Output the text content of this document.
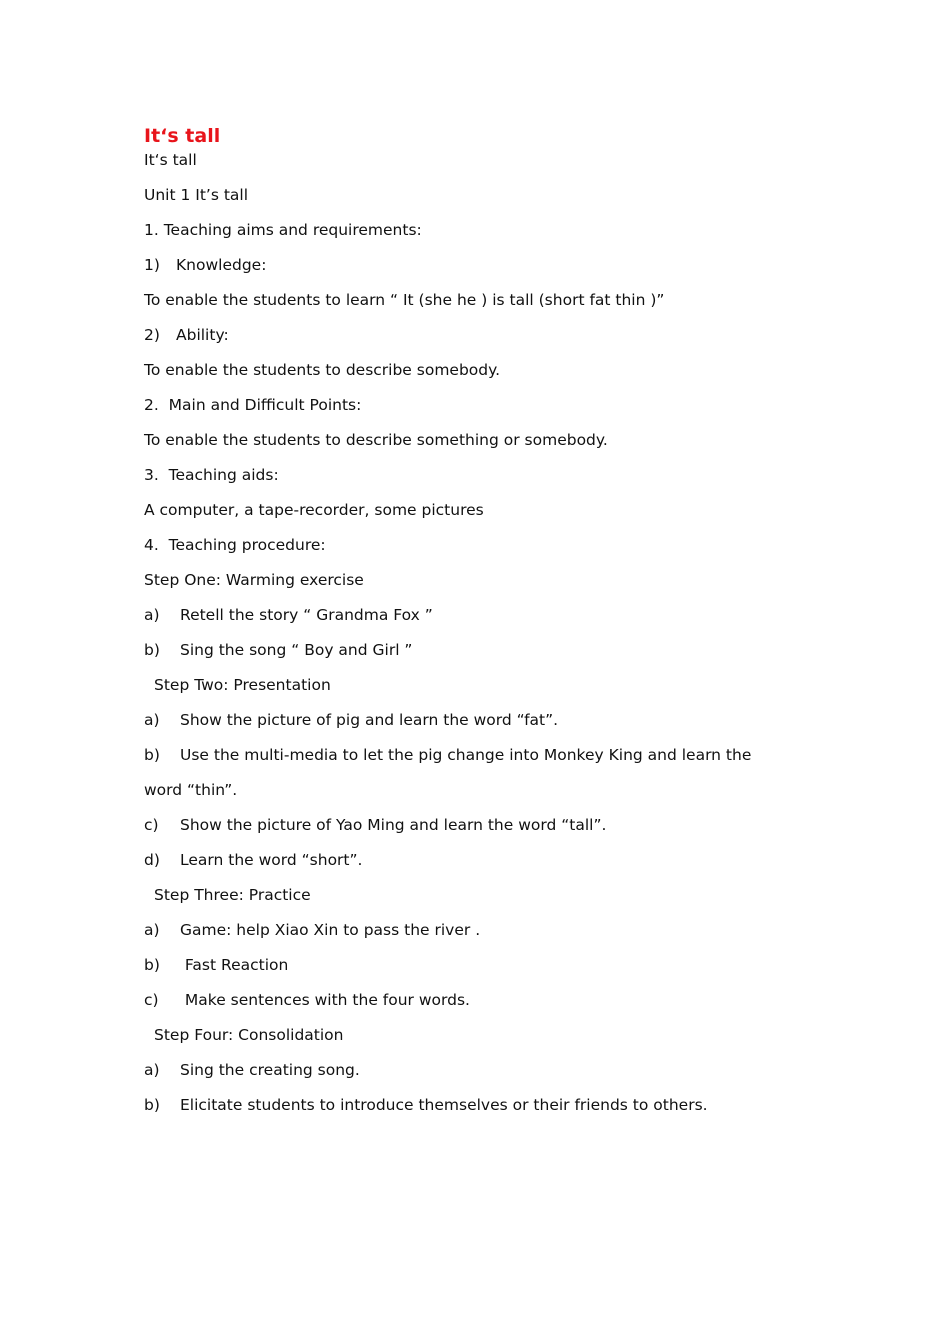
It‘s tall

It‘s tall

Unit 1 It’s tall

1. Teaching aims and requirements:

1) Knowledge:

To enable the students to learn “ It (she he ) is tall (short fat thin )”

2) Ability:

To enable the students to describe somebody.

2.  Main and Difficult Points:

To enable the students to describe something or somebody.

3.  Teaching aids:

A computer, a tape-recorder, some pictures

4.  Teaching procedure:

Step One: Warming exercise

a) Retell the story “ Grandma Fox ”

b) Sing the song “ Boy and Girl ”

Step Two: Presentation

a) Show the picture of pig and learn the word “fat”.

b) Use the multi-media to let the pig change into Monkey King and learn the

word “thin”.

c) Show the picture of Yao Ming and learn the word “tall”.

d) Learn the word “short”.

Step Three: Practice

a) Game: help Xiao Xin to pass the river .

b) Fast Reaction

c) Make sentences with the four words.

Step Four: Consolidation

a) Sing the creating song.

b) Elicitate students to introduce themselves or their friends to others.
